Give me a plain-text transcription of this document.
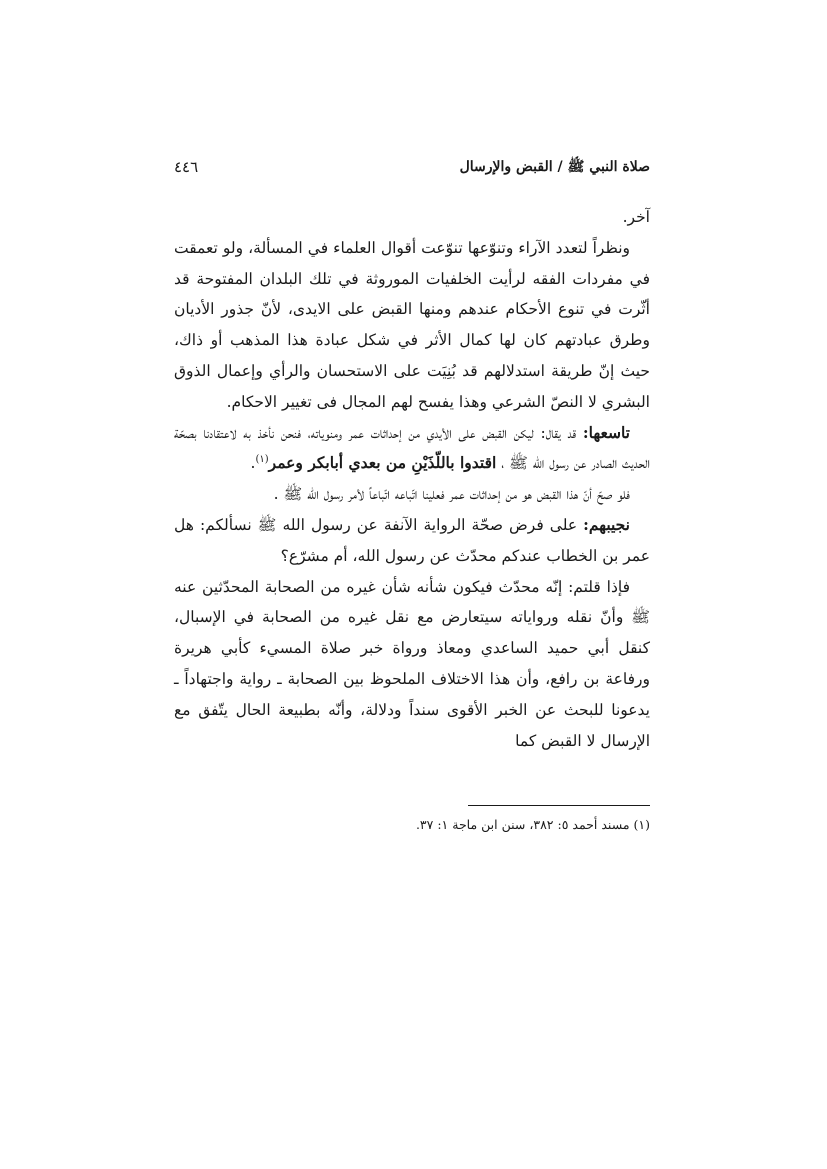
صلاة النبي ﷺ / القبض والإرسال
٤٤٦

آخر.

ونظراً لتعدد الآراء وتنوّعها تنوّعت أقوال العلماء في المسألة، ولو تعمقت في مفردات الفقه لرأيت الخلفيات الموروثة في تلك البلدان المفتوحة قد أثّرت في تنوع الأحكام عندهم ومنها القبض على الايدى، لأنّ جذور الأديان وطرق عبادتهم كان لها كمال الأثر في شكل عبادة هذا المذهب أو ذاك، حيث إنّ طريقة استدلالهم قد بُنِيَت على الاستحسان والرأي وإعمال الذوق البشري لا النصّ الشرعي وهذا يفسح لهم المجال فى تغيير الاحكام.

تاسعها: قد يقال: ليكن القبض على الأيدي من إحداثات عمر ومنوياته، فنحن نأخذ به لاعتقادنا بصحّة الحديث الصادر عن رسول الله ﷺ ، اقتدوا باللّذَيْنِ من بعدي أبابكر وعمر$^{(١)}$.

فلو صحّ أنّ هذا القبض هو من إحداثات عمر فعلينا اتّباعه اتّباعاً لأمر رسول الله ﷺ .

نجيبهم: على فرض صحّة الرواية الآنفة عن رسول الله ﷺ نسألكم: هل عمر بن الخطاب عندكم محدّث عن رسول الله، أم مشرّع؟

فإذا قلتم: إنّه محدّث فيكون شأنه شأن غيره من الصحابة المحدّثين عنه ﷺ وأنّ نقله ورواياته سيتعارض مع نقل غيره من الصحابة في الإسبال، كنقل أبي حميد الساعدي ومعاذ ورواة خبر صلاة المسيء كأبي هريرة ورفاعة بن رافع، وأن هذا الاختلاف الملحوظ بين الصحابة ـ رواية واجتهاداً ـ يدعونا للبحث عن الخبر الأقوى سنداً ودلالة، وأنّه بطبيعة الحال يتّفق مع الإرسال لا القبض كما

(١) مسند أحمد ٥: ٣٨٢، سنن ابن ماجة ١: ٣٧.
